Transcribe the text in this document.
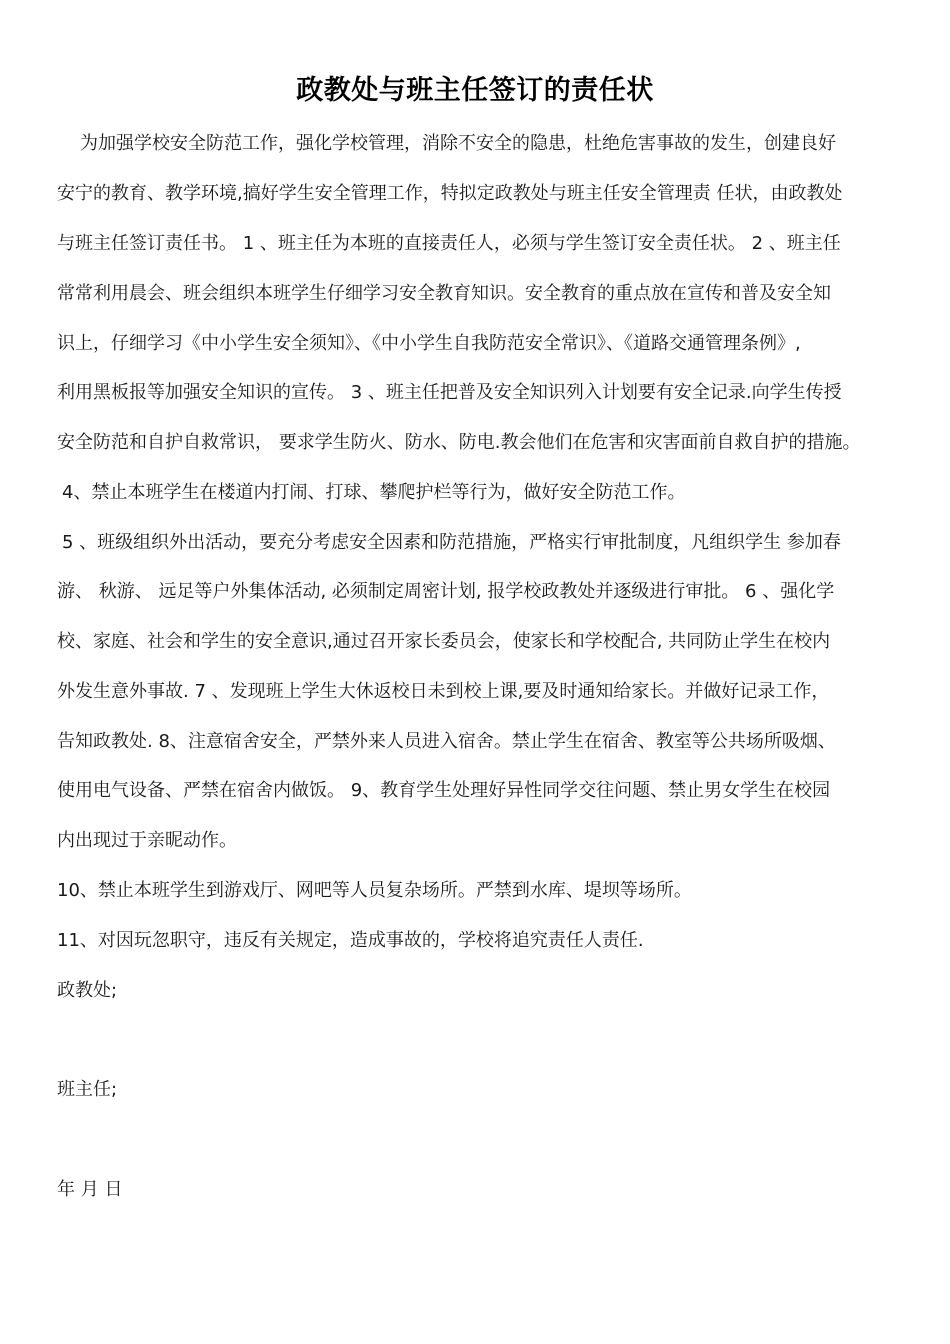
政教处与班主任签订的责任状
为加强学校安全防范工作，强化学校管理，消除不安全的隐患，杜绝危害事故的发生，创建良好
安宁的教育、教学环境,搞好学生安全管理工作，特拟定政教处与班主任安全管理责 任状，由政教处
与班主任签订责任书。 1 、班主任为本班的直接责任人，必须与学生签订安全责任状。 2 、班主任
常常利用晨会、班会组织本班学生仔细学习安全教育知识。安全教育的重点放在宣传和普及安全知
识上，仔细学习《中小学生安全须知》、《中小学生自我防范安全常识》、《道路交通管理条例》,
利用黑板报等加强安全知识的宣传。 3 、班主任把普及安全知识列入计划要有安全记录.向学生传授
安全防范和自护自救常识， 要求学生防火、防水、防电.教会他们在危害和灾害面前自救自护的措施。
4、禁止本班学生在楼道内打闹、打球、攀爬护栏等行为，做好安全防范工作。
5 、班级组织外出活动，要充分考虑安全因素和防范措施，严格实行审批制度，凡组织学生 参加春
游、 秋游、 远足等户外集体活动, 必须制定周密计划, 报学校政教处并逐级进行审批。 6 、强化学
校、家庭、社会和学生的安全意识,通过召开家长委员会，使家长和学校配合, 共同防止学生在校内
外发生意外事故. 7 、发现班上学生大休返校日未到校上课,要及时通知给家长。并做好记录工作，
告知政教处. 8、注意宿舍安全，严禁外来人员进入宿舍。禁止学生在宿舍、教室等公共场所吸烟、
使用电气设备、严禁在宿舍内做饭。 9、教育学生处理好异性同学交往问题、禁止男女学生在校园
内出现过于亲昵动作。
10、禁止本班学生到游戏厅、网吧等人员复杂场所。严禁到水库、堤坝等场所。
11、对因玩忽职守，违反有关规定，造成事故的，学校将追究责任人责任.
政教处;
班主任;
年 月 日
